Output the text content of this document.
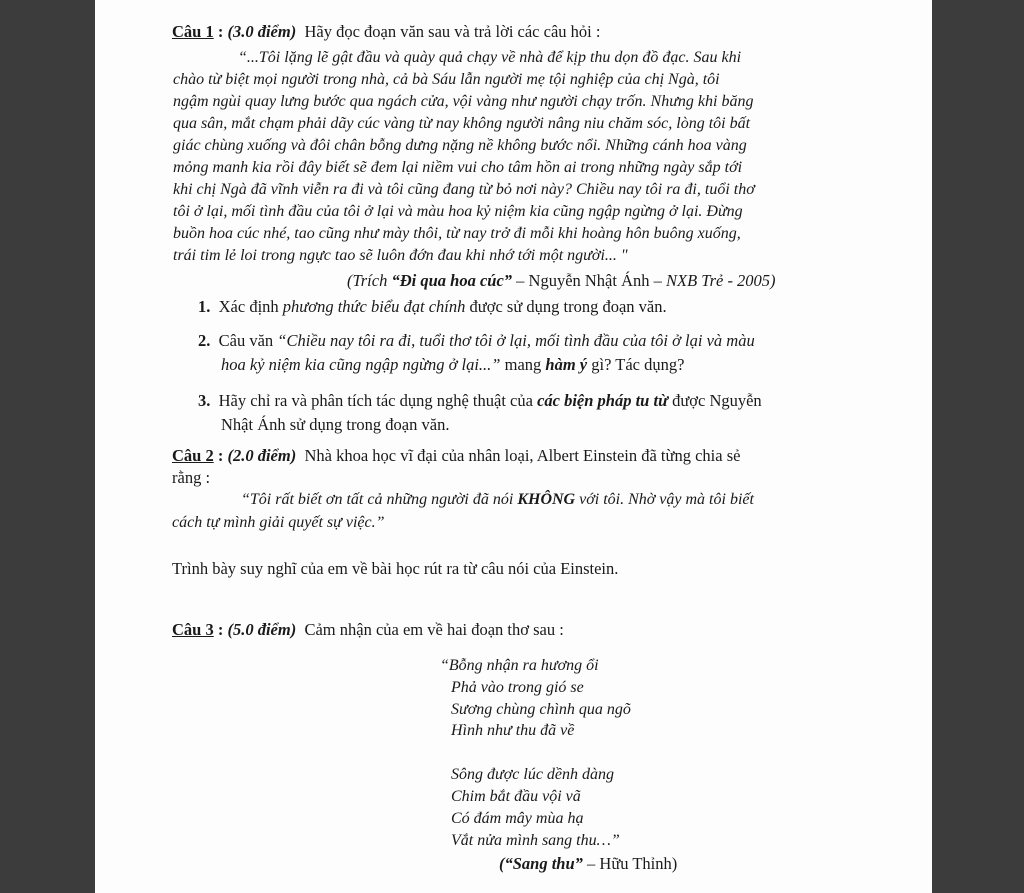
Câu 1 : (3.0 điểm) Hãy đọc đoạn văn sau và trả lời các câu hỏi :
“...Tôi lặng lẽ gật đầu và quày quả chạy về nhà để kịp thu dọn đồ đạc. Sau khi
chào từ biệt mọi người trong nhà, cả bà Sáu lẫn người mẹ tội nghiệp của chị Ngà, tôi
ngậm ngùi quay lưng bước qua ngách cửa, vội vàng như người chạy trốn. Nhưng khi băng
qua sân, mắt chạm phải dãy cúc vàng từ nay không người nâng niu chăm sóc, lòng tôi bất
giác chùng xuống và đôi chân bỗng dưng nặng nề không bước nổi. Những cánh hoa vàng
mỏng manh kia rồi đây biết sẽ đem lại niềm vui cho tâm hồn ai trong những ngày sắp tới
khi chị Ngà đã vĩnh viễn ra đi và tôi cũng đang từ bỏ nơi này? Chiều nay tôi ra đi, tuổi thơ
tôi ở lại, mối tình đầu của tôi ở lại và màu hoa kỷ niệm kia cũng ngập ngừng ở lại. Đừng
buồn hoa cúc nhé, tao cũng như mày thôi, từ nay trở đi mỗi khi hoàng hôn buông xuống,
trái tim lẻ loi trong ngực tao sẽ luôn đớn đau khi nhớ tới một người... "
(Trích “Đi qua hoa cúc” – Nguyễn Nhật Ánh – NXB Trẻ - 2005)
1. Xác định phương thức biểu đạt chính được sử dụng trong đoạn văn.
2. Câu văn “Chiều nay tôi ra đi, tuổi thơ tôi ở lại, mối tình đầu của tôi ở lại và màu
hoa kỷ niệm kia cũng ngập ngừng ở lại...” mang hàm ý gì? Tác dụng?
3. Hãy chỉ ra và phân tích tác dụng nghệ thuật của các biện pháp tu từ được Nguyễn
Nhật Ánh sử dụng trong đoạn văn.
Câu 2 : (2.0 điểm) Nhà khoa học vĩ đại của nhân loại, Albert Einstein đã từng chia sẻ
rằng :
“Tôi rất biết ơn tất cả những người đã nói KHÔNG với tôi. Nhờ vậy mà tôi biết
cách tự mình giải quyết sự việc.”
Trình bày suy nghĩ của em về bài học rút ra từ câu nói của Einstein.
Câu 3 : (5.0 điểm) Cảm nhận của em về hai đoạn thơ sau :
“Bỗng nhận ra hương ổi
Phả vào trong gió se
Sương chùng chình qua ngõ
Hình như thu đã về
Sông được lúc dềnh dàng
Chim bắt đầu vội vã
Có đám mây mùa hạ
Vắt nửa mình sang thu…”
(“Sang thu” – Hữu Thỉnh)
